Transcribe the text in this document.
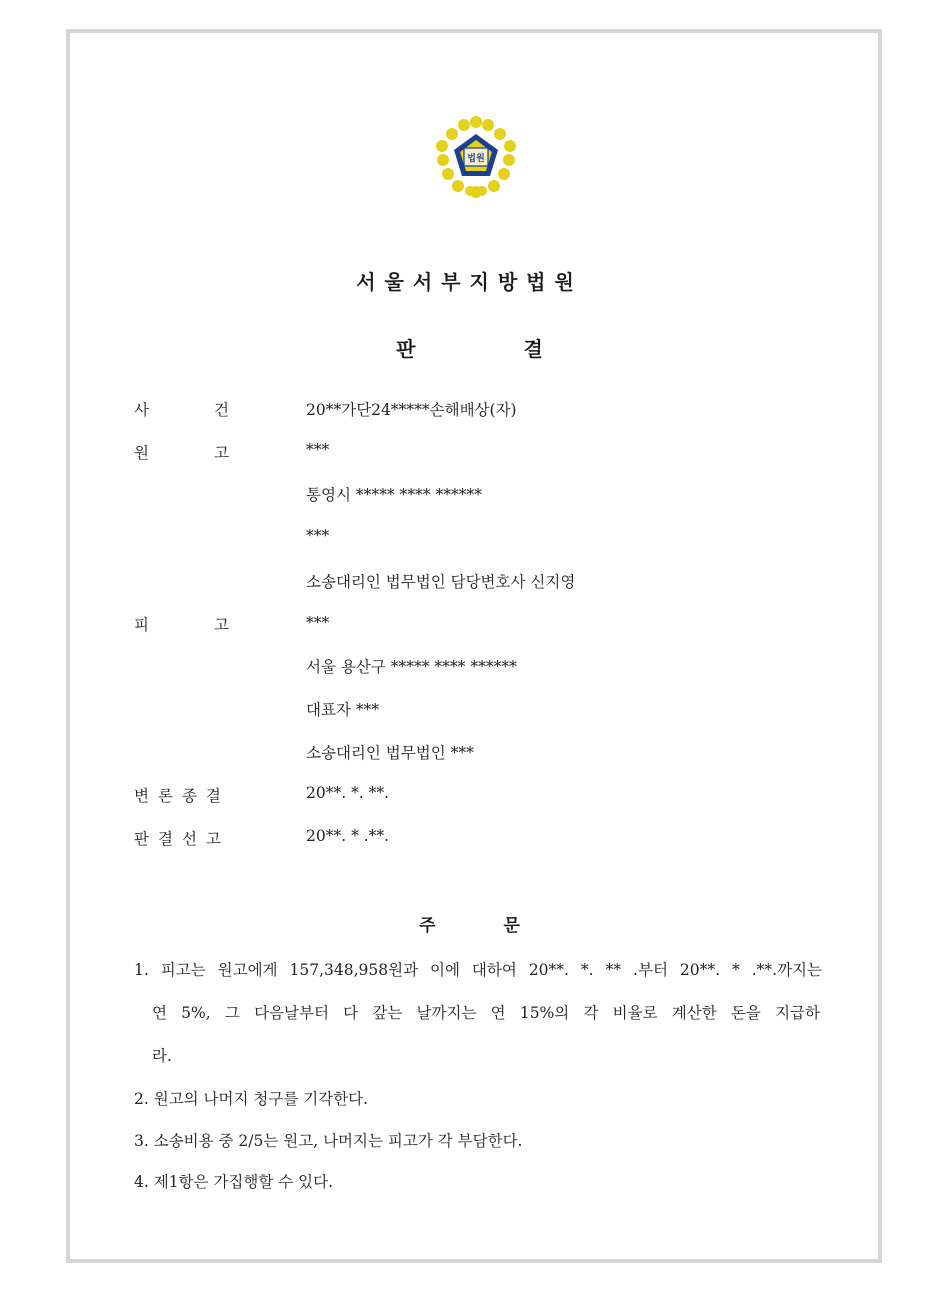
법원
서울서부지방법원
판	결
사	건	20**가단24*****손해배상(자)
원	고	***
통영시 ***** **** ******
***
소송대리인 법무법인 담당변호사 신지영
피	고	***
서울 용산구 ***** **** ******
대표자 ***
소송대리인 법무법인 ***
변론종결	20**. *. **.
판결선고	20**. * .**.
주	문
1. 피고는 원고에게 157,348,958원과 이에 대하여 20**. *. ** .부터 20**. * .**.까지는
연 5%, 그 다음날부터 다 갚는 날까지는 연 15%의 각 비율로 계산한 돈을 지급하
라.
2. 원고의 나머지 청구를 기각한다.
3. 소송비용 중 2/5는 원고, 나머지는 피고가 각 부담한다.
4. 제1항은 가집행할 수 있다.
